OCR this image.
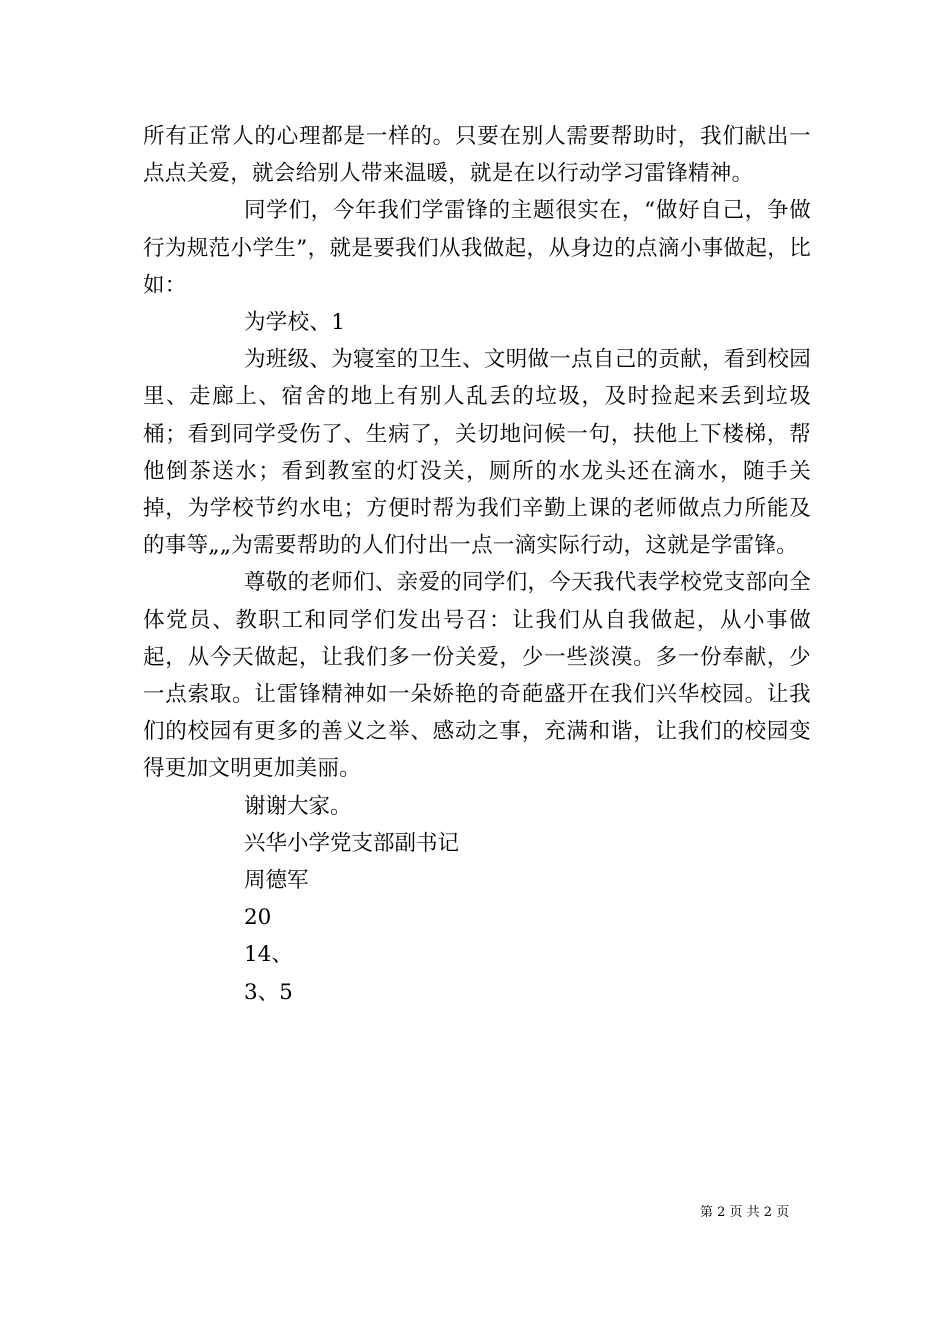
所有正常人的心理都是一样的。只要在别人需要帮助时，我们献出一点点关爱，就会给别人带来温暖，就是在以行动学习雷锋精神。

同学们，今年我们学雷锋的主题很实在，“做好自己，争做行为规范小学生”，就是要我们从我做起，从身边的点滴小事做起，比如：

为学校、1

为班级、为寝室的卫生、文明做一点自己的贡献，看到校园里、走廊上、宿舍的地上有别人乱丢的垃圾，及时捡起来丢到垃圾桶；看到同学受伤了、生病了，关切地问候一句，扶他上下楼梯，帮他倒茶送水；看到教室的灯没关，厕所的水龙头还在滴水，随手关掉，为学校节约水电；方便时帮为我们辛勤上课的老师做点力所能及的事等„„为需要帮助的人们付出一点一滴实际行动，这就是学雷锋。

尊敬的老师们、亲爱的同学们，今天我代表学校党支部向全体党员、教职工和同学们发出号召：让我们从自我做起，从小事做起，从今天做起，让我们多一份关爱，少一些淡漠。多一份奉献，少一点索取。让雷锋精神如一朵娇艳的奇葩盛开在我们兴华校园。让我们的校园有更多的善义之举、感动之事，充满和谐，让我们的校园变得更加文明更加美丽。

谢谢大家。

兴华小学党支部副书记

周德军

20

14、

3、5

第 2 页 共 2 页
